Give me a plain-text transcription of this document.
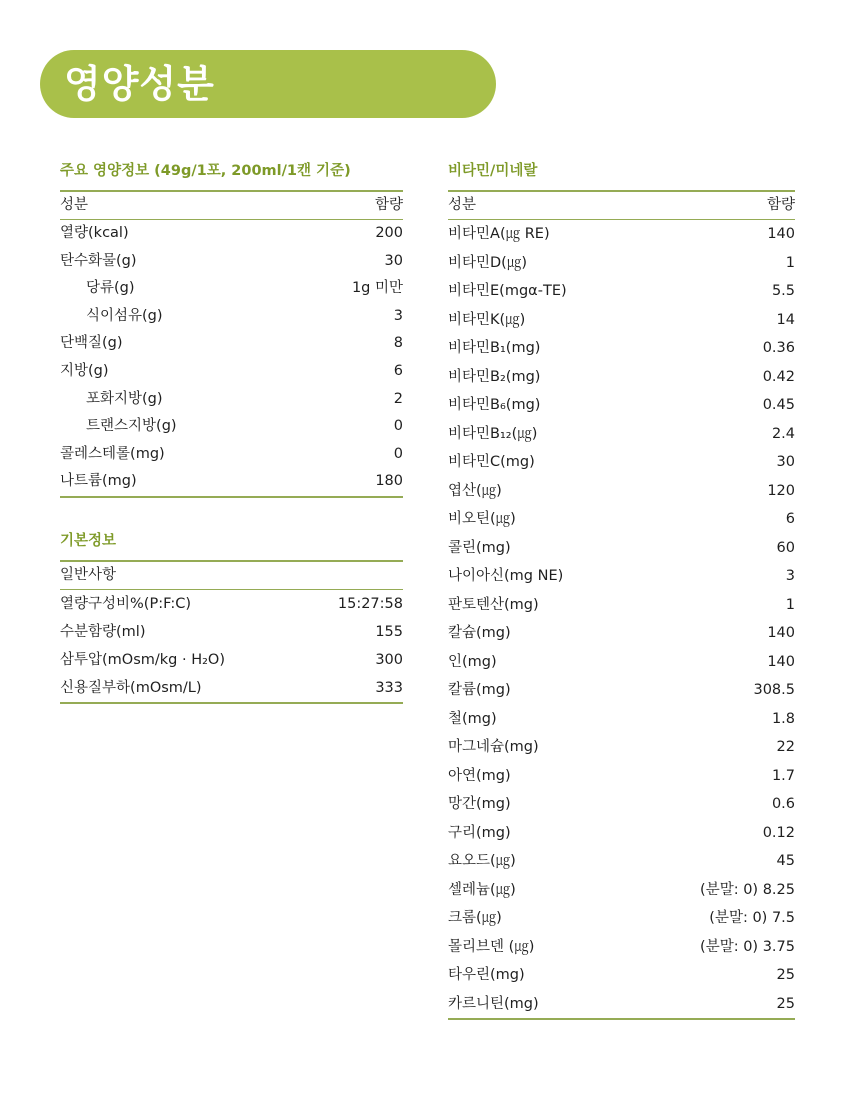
영양성분
주요 영양정보 (49g/1포, 200ml/1캔 기준)
성분	함량
열량(kcal)	200
탄수화물(g)	30
당류(g)	1g 미만
식이섬유(g)	3
단백질(g)	8
지방(g)	6
포화지방(g)	2
트랜스지방(g)	0
콜레스테롤(mg)	0
나트륨(mg)	180
기본정보
일반사항	
열량구성비%(P:F:C)	15:27:58
수분함량(ml)	155
삼투압(mOsm/kg · H₂O)	300
신용질부하(mOsm/L)	333
비타민/미네랄
성분	함량
비타민A(㎍ RE)	140
비타민D(㎍)	1
비타민E(mgα-TE)	5.5
비타민K(㎍)	14
비타민B₁(mg)	0.36
비타민B₂(mg)	0.42
비타민B₆(mg)	0.45
비타민B₁₂(㎍)	2.4
비타민C(mg)	30
엽산(㎍)	120
비오틴(㎍)	6
콜린(mg)	60
나이아신(mg NE)	3
판토텐산(mg)	1
칼슘(mg)	140
인(mg)	140
칼륨(mg)	308.5
철(mg)	1.8
마그네슘(mg)	22
아연(mg)	1.7
망간(mg)	0.6
구리(mg)	0.12
요오드(㎍)	45
셀레늄(㎍)	(분말: 0) 8.25
크롬(㎍)	(분말: 0) 7.5
몰리브덴 (㎍)	(분말: 0) 3.75
타우린(mg)	25
카르니틴(mg)	25
